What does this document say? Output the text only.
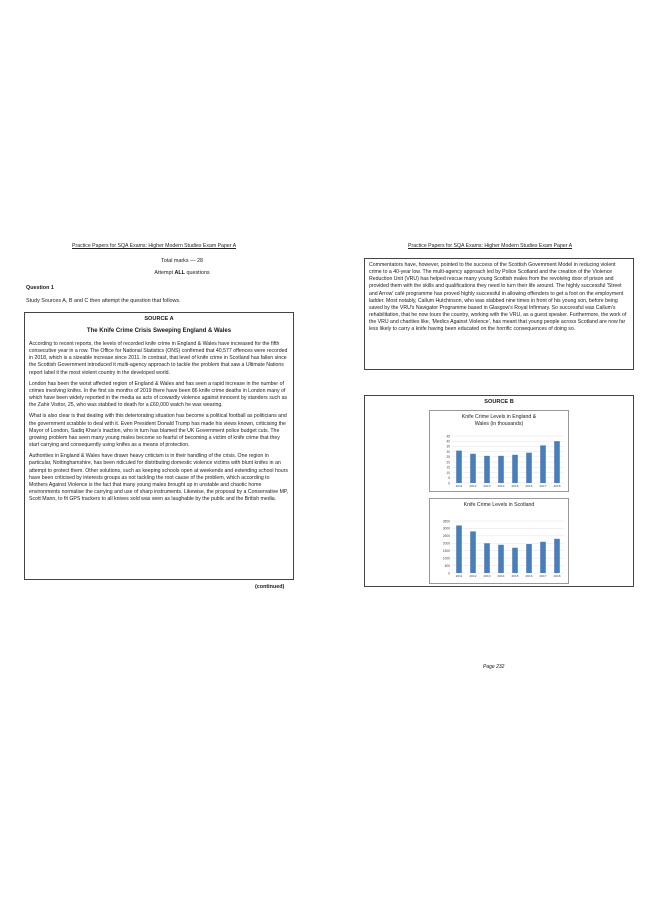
Practice Papers for SQA Exams: Higher Modern Studies Exam Paper A
Total marks — 28
Attempt ALL questions
Question 1
Study Sources A, B and C then attempt the question that follows.
SOURCE A
The Knife Crime Crisis Sweeping England & Wales

According to recent reports, the levels of recorded knife crime in England & Wales have increased for the fifth consecutive year in a row. The Office for National Statistics (ONS) confirmed that 40,577 offences were recorded in 2018, which is a sizeable increase since 2011. In contrast, that level of knife crime in Scotland has fallen since the Scottish Government introduced it multi-agency approach to tackle the problem that saw a Ultimate Nations report label it the most violent country in the developed world.

London has been the worst affected region of England & Wales and has seen a rapid increase in the number of crimes involving knifes. In the first six months of 2019 there have been 86 knife crime deaths in London many of which have been widely reported in the media as acts of cowardly violence against innocent by standers such as the Zahir Visitor, 25, who was stabbed to death for a £60,000 watch he was wearing.

What is also clear is that dealing with this deteriorating situation has become a political football as politicians and the government scrabble to deal with it. Even President Donald Trump has made his views known, criticising the Mayor of London, Sadiq Khan's inaction, who in turn has blamed the UK Government police budget cuts. The growing problem has seen many young males become so fearful of becoming a victim of knife crime that they start carrying and consequently using knifes as a means of protection.

Authorities in England & Wales have drawn heavy criticism is in their handling of the crisis. One region in particular, Nottinghamshire, has been ridiculed for distributing domestic violence victims with blunt knifes in an attempt to protect them. Other solutions, such as keeping schools open at weekends and extending school hours have been criticised by interests groups as not tackling the root cause of the problem, which according to Mothers Against Violence is the fact that many young males brought up in unstable and chaotic home environments normalise the carrying and use of sharp instruments. Likewise, the proposal by a Conservative MP, Scott Mann, to fit GPS trackers to all knives sold was seen as laughable by the public and the British media.

(continued)
Practice Papers for SQA Exams: Higher Modern Studies Exam Paper A

Commentators have, however, pointed to the success of the Scottish Government Model in reducing violent crime to a 40-year low. The multi-agency approach led by Police Scotland and the creation of the Violence Reduction Unit (VRU) has helped rescue many young Scottish males from the revolving door of prison and provided them with the skills and qualifications they need to turn their life around. The highly successful 'Street and Arrow' café programme has proved highly successful in allowing offenders to get a foot on the employment ladder. Most notably, Callum Hutchinson, who was stabbed nine times in front of his young son, before being saved by the VRU's Navigator Programme based in Glasgow's Royal Infirmary. So successful was Callum's rehabilitation, that he now tours the country, working with the VRU, as a guest speaker. Furthermore, the work of the VRU and charities like, 'Medics Against Violence', has meant that young people across Scotland are now far less likely to carry a knife having been educated on the horrific consequences of doing so.

SOURCE B
Knife Crime Levels in England & Wales (in thousands)
45
40
35
30
25
20
15
10
5
0
2011 2012 2013 2014 2015 2016 2017 2018
Knife Crime Levels in Scotland
3500
3000
2500
2000
1500
1000
500
0
2011 2012 2013 2014 2015 2016 2017 2018
Page 232
